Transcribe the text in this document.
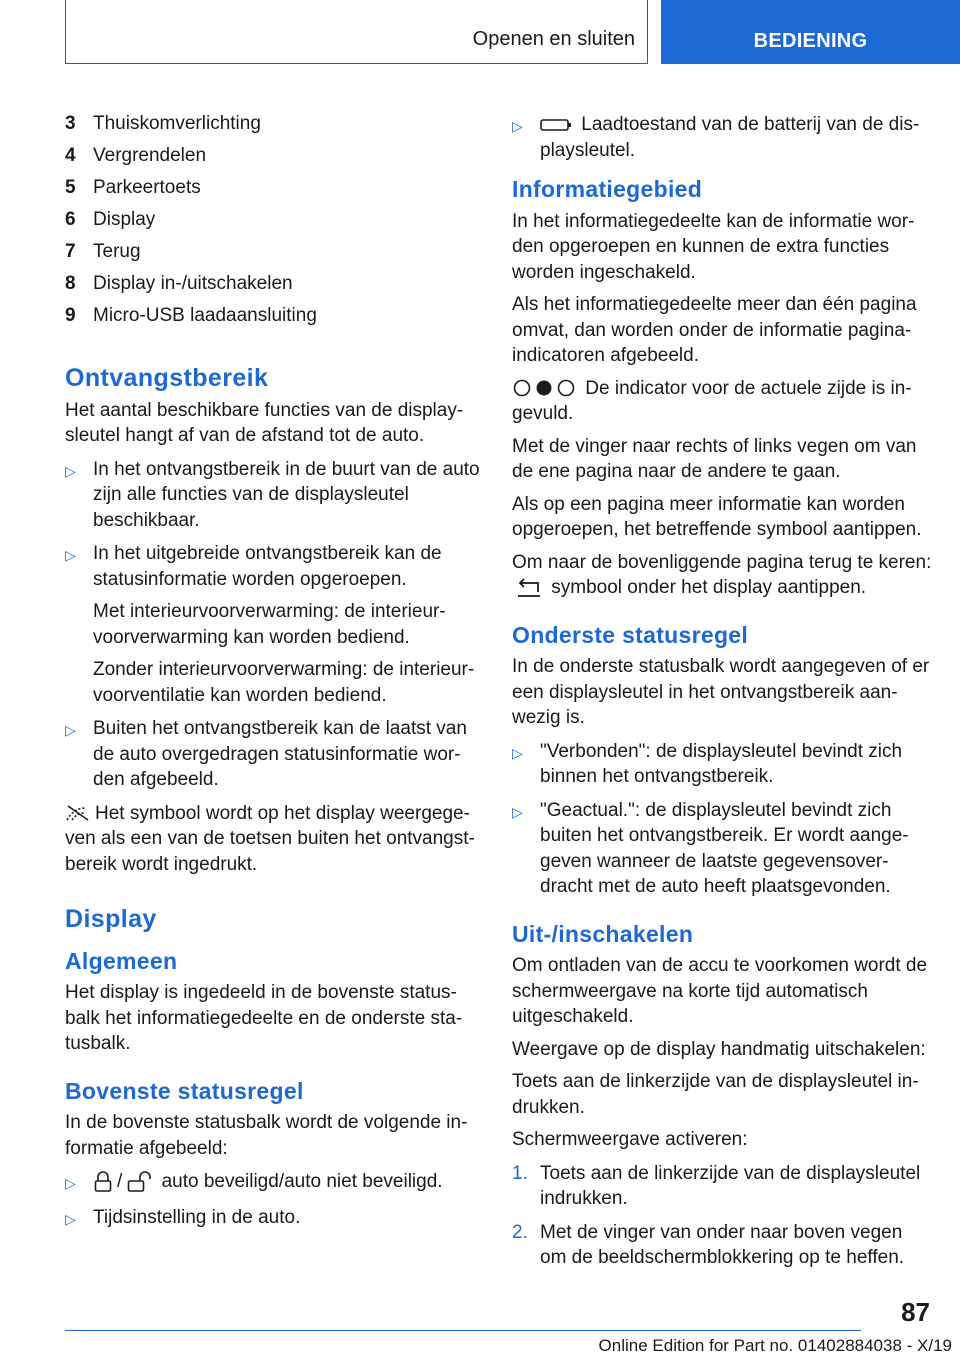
Openen en sluiten	BEDIENING
3 Thuiskomverlichting
4 Vergrendelen
5 Parkeertoets
6 Display
7 Terug
8 Display in-/uitschakelen
9 Micro-USB laadaansluiting
Ontvangstbereik

Het aantal beschikbare functies van de displaysleutel hangt af van de afstand tot de auto.

▷ In het ontvangstbereik in de buurt van de auto zijn alle functies van de displaysleutel beschikbaar.

▷ In het uitgebreide ontvangstbereik kan de statusinformatie worden opgeroepen.

Met interieurvoorverwarming: de interieurvoorverwarming kan worden bediend.

Zonder interieurvoorverwarming: de interieurvoorventilatie kan worden bediend.

▷ Buiten het ontvangstbereik kan de laatst van de auto overgedragen statusinformatie worden afgebeeld.

Het symbool wordt op het display weergegeven als een van de toetsen buiten het ontvangstbereik wordt ingedrukt.

Display
Algemeen

Het display is ingedeeld in de bovenste statusbalk het informatiegedeelte en de onderste statusbalk.

Bovenste statusregel

In de bovenste statusbalk wordt de volgende informatie afgebeeld:

▷	/ auto beveiligd/auto niet beveiligd.

▷ Tijdsinstelling in de auto.

▷	Laadtoestand van de batterij van de displaysleutel.

Informatiegebied

In het informatiegedeelte kan de informatie worden opgeroepen en kunnen de extra functies worden ingeschakeld.

Als het informatiegedeelte meer dan één pagina omvat, dan worden onder de informatie pagina-indicatoren afgebeeld.

De indicator voor de actuele zijde is ingevuld.

Met de vinger naar rechts of links vegen om van de ene pagina naar de andere te gaan.

Als op een pagina meer informatie kan worden opgeroepen, het betreffende symbool aantippen.

Om naar de bovenliggende pagina terug te keren:  symbool onder het display aantippen.

Onderste statusregel

In de onderste statusbalk wordt aangegeven of er een displaysleutel in het ontvangstbereik aanwezig is.

▷ "Verbonden": de displaysleutel bevindt zich binnen het ontvangstbereik.

▷ "Geactual.": de displaysleutel bevindt zich buiten het ontvangstbereik. Er wordt aangegeven wanneer de laatste gegevensoverdracht met de auto heeft plaatsgevonden.

Uit-/inschakelen

Om ontladen van de accu te voorkomen wordt de schermweergave na korte tijd automatisch uitgeschakeld.

Weergave op de display handmatig uitschakelen:

Toets aan de linkerzijde van de displaysleutel indrukken.

Schermweergave activeren:

1. Toets aan de linkerzijde van de displaysleutel indrukken.
2. Met de vinger van onder naar boven vegen om de beeldschermblokkering op te heffen.
87
Online Edition for Part no. 01402884038 - X/19
